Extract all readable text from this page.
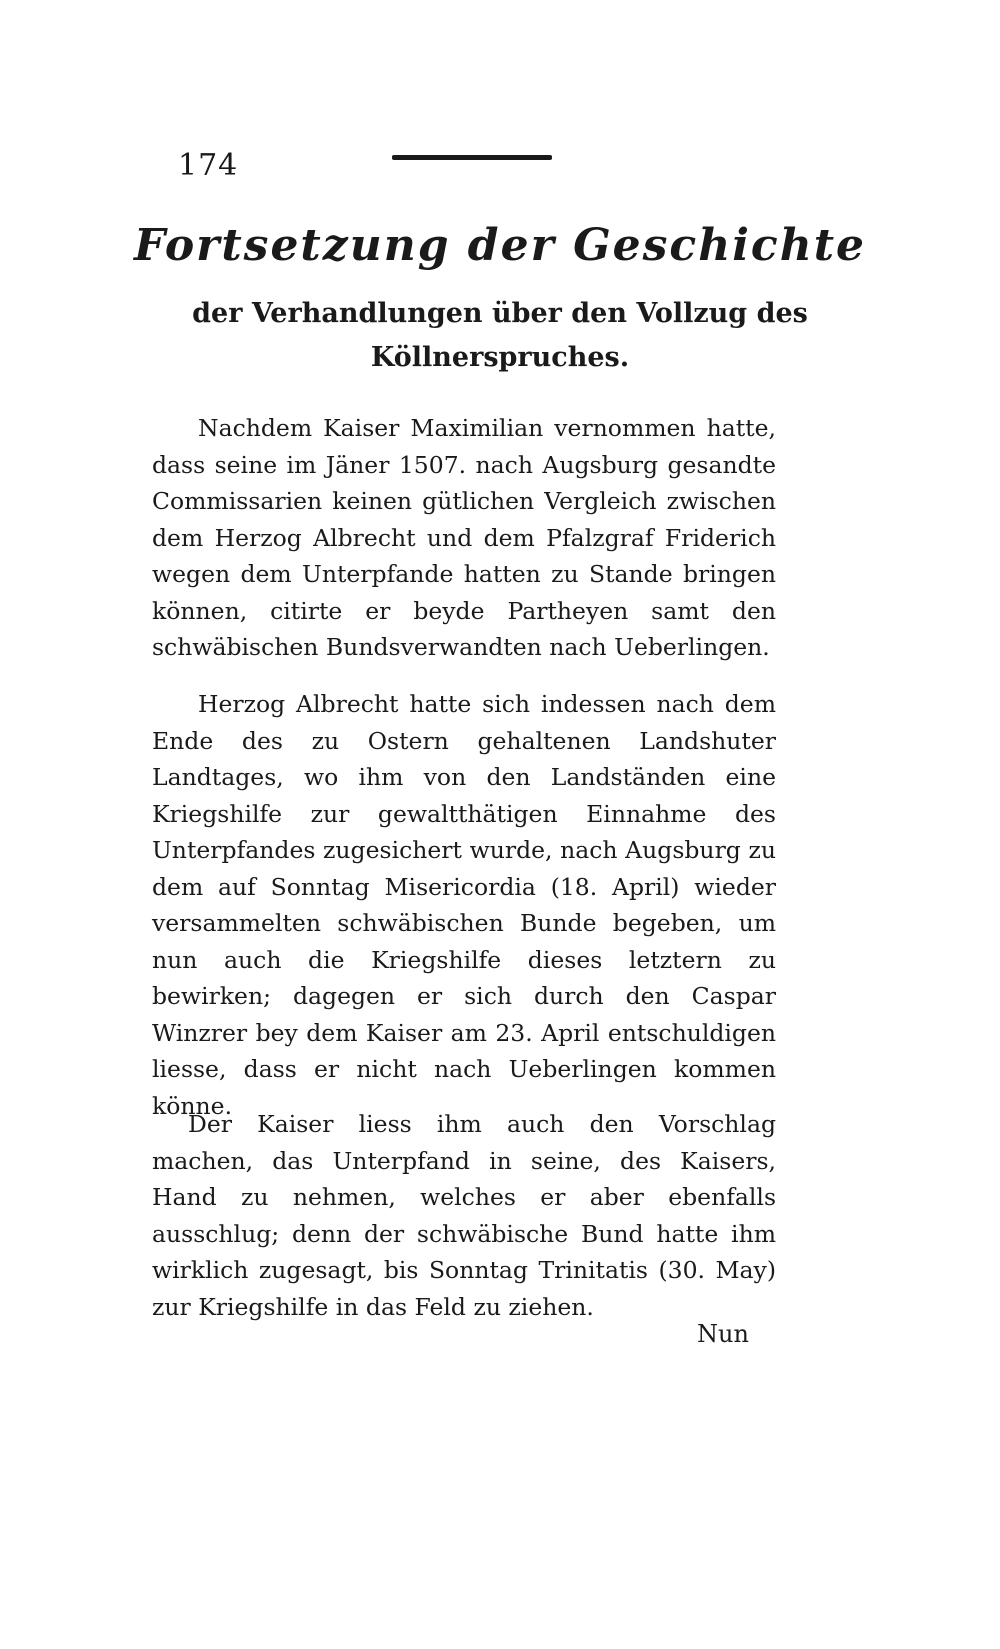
174
Fortsetzung der Geschichte
der Verhandlungen über den Vollzug des Köllnerspruches.
Nachdem Kaiser Maximilian vernommen hatte, dass seine im Jäner 1507. nach Augsburg gesandte Commissarien keinen gütlichen Vergleich zwischen dem Herzog Albrecht und dem Pfalzgraf Friderich wegen dem Unterpfande hatten zu Stande bringen können, citirte er beyde Partheyen samt den schwäbischen Bundsverwandten nach Ueberlingen.
Herzog Albrecht hatte sich indessen nach dem Ende des zu Ostern gehaltenen Landshuter Landtages, wo ihm von den Landständen eine Kriegshilfe zur gewaltthätigen Einnahme des Unterpfandes zugesichert wurde, nach Augsburg zu dem auf Sonntag Misericordia (18. April) wieder versammelten schwäbischen Bunde begeben, um nun auch die Kriegshilfe dieses letztern zu bewirken; dagegen er sich durch den Caspar Winzrer bey dem Kaiser am 23. April entschuldigen liesse, dass er nicht nach Ueberlingen kommen könne.
Der Kaiser liess ihm auch den Vorschlag machen, das Unterpfand in seine, des Kaisers, Hand zu nehmen, welches er aber ebenfalls ausschlug; denn der schwäbische Bund hatte ihm wirklich zugesagt, bis Sonntag Trinitatis (30. May) zur Kriegshilfe in das Feld zu ziehen.
Nun
